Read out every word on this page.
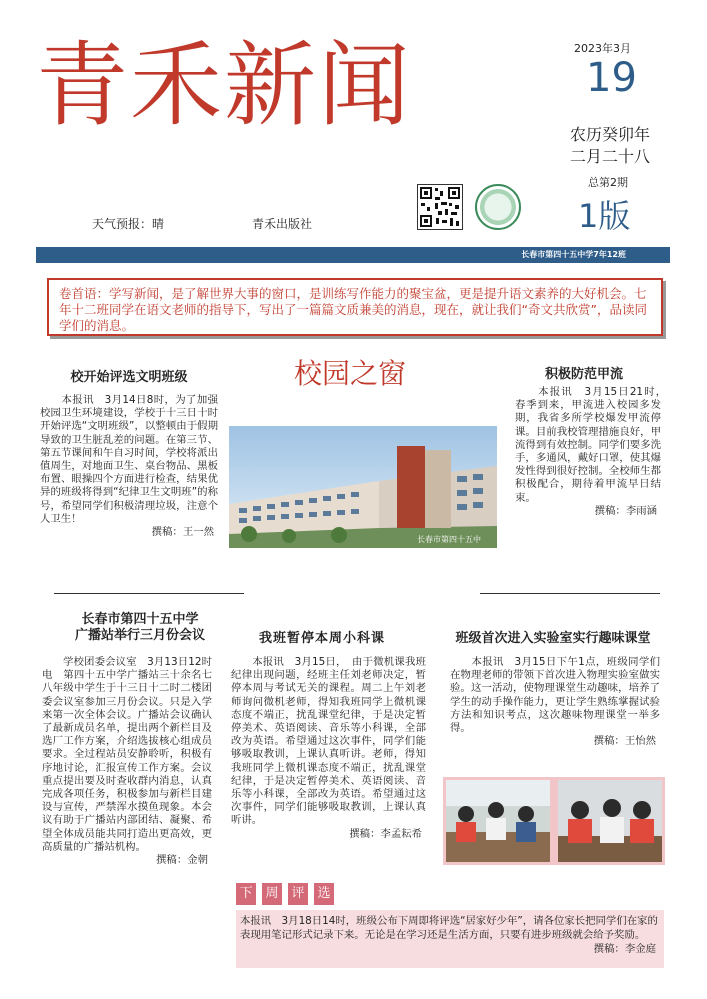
青禾新闻	2023年3月
19
农历癸卯年
二月二十八
总第2期
1版
天气预报：晴	青禾出版社
长春市第四十五中学7年12班
卷首语：学写新闻，是了解世界大事的窗口，是训练写作能力的聚宝盆，更是提升语文素养的大好机会。七年十二班同学在语文老师的指导下，写出了一篇篇文质兼美的消息，现在，就让我们“奇文共欣赏”，品读同学们的消息。
校开始评选文明班级	校园之窗	积极防范甲流
　　本报讯　3月14日8时，为了加强校园卫生环境建设，学校于十三日十时开始评选“文明班级”，以整顿由于假期导致的卫生脏乱差的问题。在第三节、第五节课间和午自习时间，学校将派出值周生，对地面卫生、桌台物品、黑板布置、眼操四个方面进行检查，结果优异的班级将得到“纪律卫生文明班”的称号，希望同学们积极清理垃圾，注意个人卫生！
撰稿：王一然
长春市第四十五中
　　本报讯　3月15日21时，　春季到来，甲流进入校园多发期，我省多所学校爆发甲流停课。目前我校管理措施良好，甲流得到有效控制。同学们要多洗手，多通风，戴好口罩，使其爆发性得到很好控制。全校师生都积极配合，期待着甲流早日结束。
撰稿：李雨涵
长春市第四十五中学
广播站举行三月份会议	我班暂停本周小科课	班级首次进入实验室实行趣味课堂
　　学校团委会议室　3月13日12时电　第四十五中学广播站三十余名七八年级中学生于十三日十二时二楼团委会议室参加三月份会议。只是入学来第一次全体会议。广播站会议确认了最新成员名单，提出两个新栏目及选厂工作方案，介绍选拔核心组成员要求。全过程站员安静聆听，积极有序地讨论，汇报宣传工作方案。会议重点提出要及时查收群内消息，认真完成各项任务，积极参加与新栏目建设与宣传，严禁浑水摸鱼现象。本会议有助于广播站内部团结、凝聚、希望全体成员能共同打造出更高效，更高质量的广播站机构。
撰稿：金朝
　　本报讯　3月15日，　由于微机课我班纪律出现问题，经班主任刘老师决定，暂停本周与考试无关的课程。周二上午刘老师询问微机老师，得知我班同学上微机课态度不端正，扰乱课堂纪律，于是决定暂停美术、英语阅读、音乐等小科课，全部改为英语。希望通过这次事件，同学们能够吸取教训，上课认真听讲。老师，得知我班同学上微机课态度不端正，扰乱课堂纪律，于是决定暂停美术、英语阅读、音乐等小科课，全部改为英语。希望通过这次事件，同学们能够吸取教训，上课认真听讲。
撰稿：李孟耘希
　　本报讯　3月15日下午1点，班级同学们在物理老师的带领下首次进入物理实验室做实验。这一活动，使物理课堂生动趣味，培养了学生的动手操作能力，更让学生熟练掌握试验方法和知识考点，这次趣味物理课堂一举多得。
撰稿：王怡然
下 周 评 选
本报讯　3月18日14时，班级公布下周即将评选“居家好少年”，请各位家长把同学们在家的表现用笔记形式记录下来。无论是在学习还是生活方面，只要有进步班级就会给予奖励。
撰稿：李金庭
